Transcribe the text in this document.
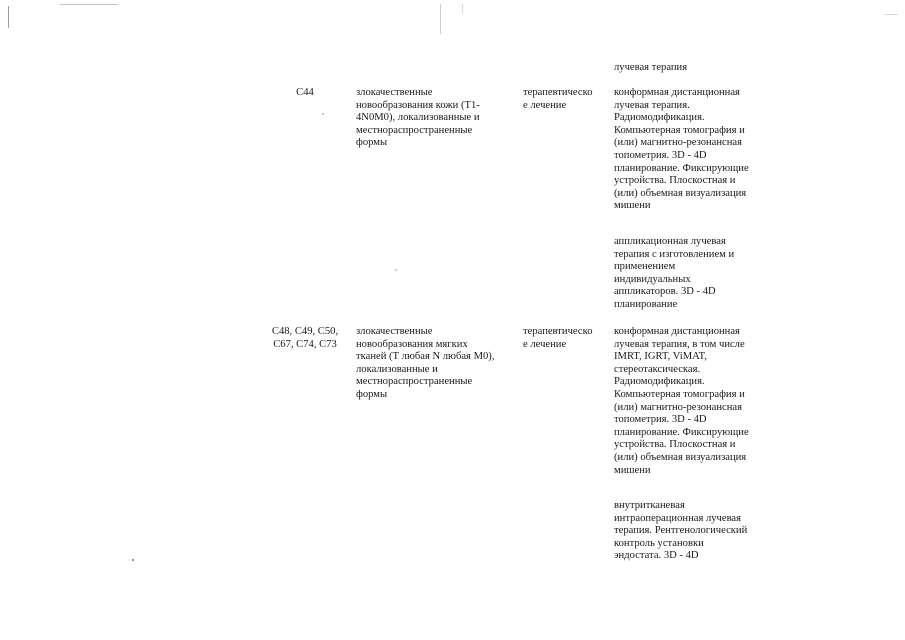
лучевая терапия
C44	злокачественные
новообразования кожи (Т1-
4N0M0), локализованные и
местнораспространенные
формы
терапевтическо
е лечение
конформная дистанционная
лучевая терапия.
Радиомодификация.
Компьютерная томография и
(или) магнитно-резонансная
топометрия. 3D - 4D
планирование. Фиксирующие
устройства. Плоскостная и
(или) объемная визуализация
мишени
аппликационная лучевая
терапия с изготовлением и
применением
индивидуальных
аппликаторов. 3D - 4D
планирование
C48, C49, C50,
C67, C74, C73
злокачественные
новообразования мягких
тканей (Т любая N любая M0),
локализованные и
местнораспространенные
формы
терапевтическо
е лечение
конформная дистанционная
лучевая терапия, в том числе
IMRT, IGRT, ViMAT,
стереотаксическая.
Радиомодификация.
Компьютерная томография и
(или) магнитно-резонансная
топометрия. 3D - 4D
планирование. Фиксирующие
устройства. Плоскостная и
(или) объемная визуализация
мишени
внутритканевая
интраоперационная лучевая
терапия. Рентгенологический
контроль установки
эндостата. 3D - 4D
